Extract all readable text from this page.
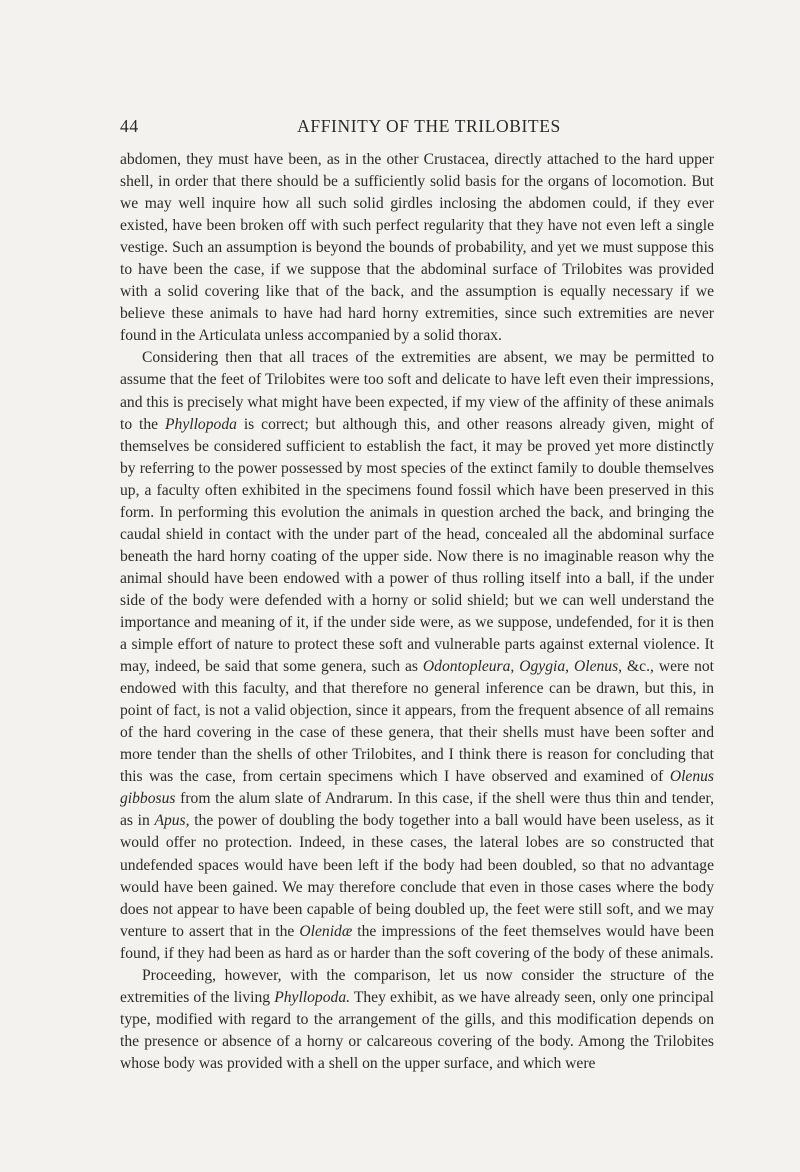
44	AFFINITY OF THE TRILOBITES

abdomen, they must have been, as in the other Crustacea, directly attached to the hard upper shell, in order that there should be a sufficiently solid basis for the organs of locomotion. But we may well inquire how all such solid girdles inclosing the abdomen could, if they ever existed, have been broken off with such perfect regularity that they have not even left a single vestige. Such an assumption is beyond the bounds of probability, and yet we must suppose this to have been the case, if we suppose that the abdominal surface of Trilobites was provided with a solid covering like that of the back, and the assumption is equally necessary if we believe these animals to have had hard horny extremities, since such extremities are never found in the Articulata unless accompanied by a solid thorax.

Considering then that all traces of the extremities are absent, we may be permitted to assume that the feet of Trilobites were too soft and delicate to have left even their impressions, and this is precisely what might have been expected, if my view of the affinity of these animals to the Phyllopoda is correct; but although this, and other reasons already given, might of themselves be considered sufficient to establish the fact, it may be proved yet more distinctly by referring to the power possessed by most species of the extinct family to double themselves up, a faculty often exhibited in the specimens found fossil which have been preserved in this form. In performing this evolution the animals in question arched the back, and bringing the caudal shield in contact with the under part of the head, concealed all the abdominal surface beneath the hard horny coating of the upper side. Now there is no imaginable reason why the animal should have been endowed with a power of thus rolling itself into a ball, if the under side of the body were defended with a horny or solid shield; but we can well understand the importance and meaning of it, if the under side were, as we suppose, undefended, for it is then a simple effort of nature to protect these soft and vulnerable parts against external violence. It may, indeed, be said that some genera, such as Odontopleura, Ogygia, Olenus, &c., were not endowed with this faculty, and that therefore no general inference can be drawn, but this, in point of fact, is not a valid objection, since it appears, from the frequent absence of all remains of the hard covering in the case of these genera, that their shells must have been softer and more tender than the shells of other Trilobites, and I think there is reason for concluding that this was the case, from certain specimens which I have observed and examined of Olenus gibbosus from the alum slate of Andrarum. In this case, if the shell were thus thin and tender, as in Apus, the power of doubling the body together into a ball would have been useless, as it would offer no protection. Indeed, in these cases, the lateral lobes are so constructed that undefended spaces would have been left if the body had been doubled, so that no advantage would have been gained. We may therefore conclude that even in those cases where the body does not appear to have been capable of being doubled up, the feet were still soft, and we may venture to assert that in the Olenidæ the impressions of the feet themselves would have been found, if they had been as hard as or harder than the soft covering of the body of these animals.

Proceeding, however, with the comparison, let us now consider the structure of the extremities of the living Phyllopoda. They exhibit, as we have already seen, only one principal type, modified with regard to the arrangement of the gills, and this modification depends on the presence or absence of a horny or calcareous covering of the body. Among the Trilobites whose body was provided with a shell on the upper surface, and which were
